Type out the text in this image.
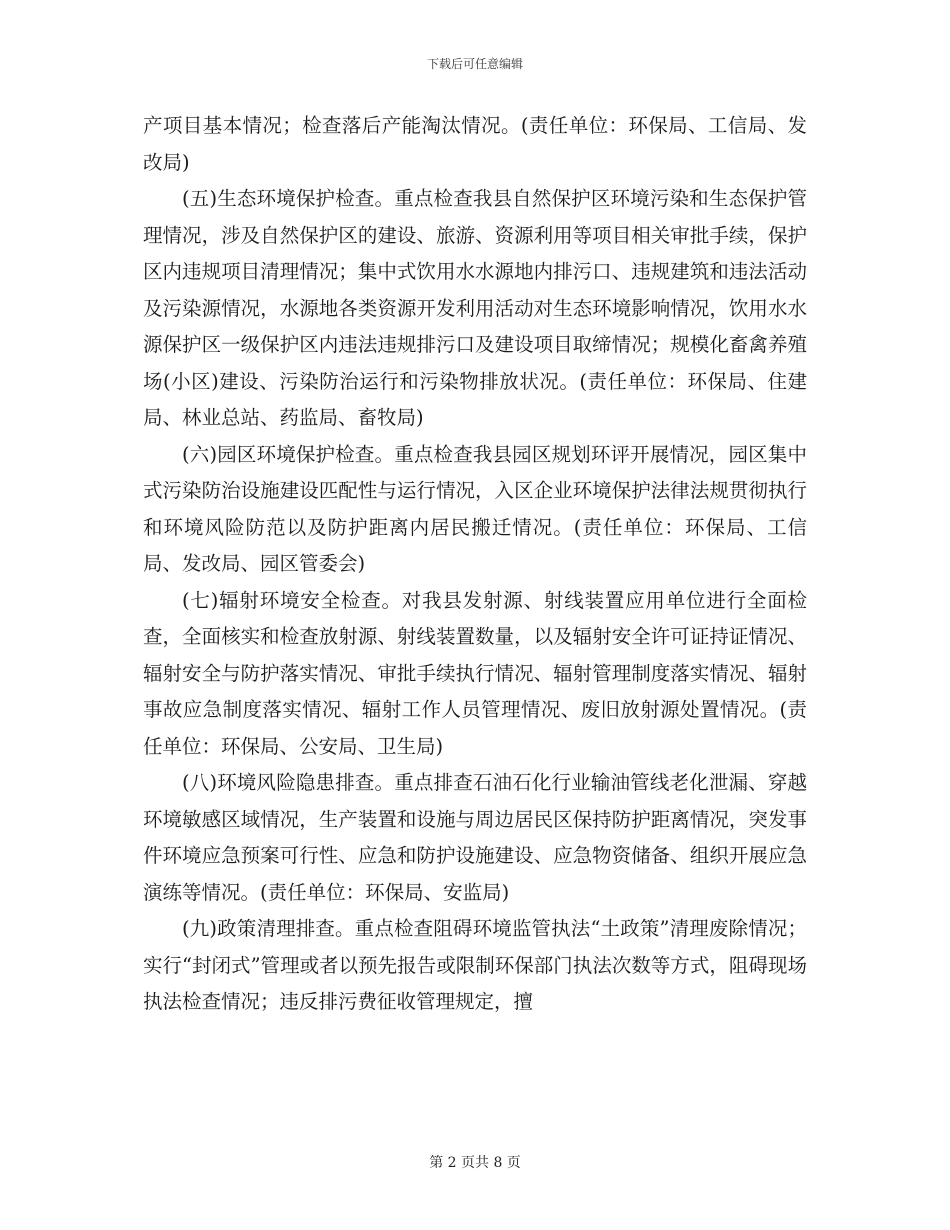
下载后可任意编辑

产项目基本情况；检查落后产能淘汰情况。(责任单位：环保局、工信局、发改局)

(五)生态环境保护检查。重点检查我县自然保护区环境污染和生态保护管理情况，涉及自然保护区的建设、旅游、资源利用等项目相关审批手续，保护区内违规项目清理情况；集中式饮用水水源地内排污口、违规建筑和违法活动及污染源情况，水源地各类资源开发利用活动对生态环境影响情况，饮用水水源保护区一级保护区内违法违规排污口及建设项目取缔情况；规模化畜禽养殖场(小区)建设、污染防治运行和污染物排放状况。(责任单位：环保局、住建局、林业总站、药监局、畜牧局)

(六)园区环境保护检查。重点检查我县园区规划环评开展情况，园区集中式污染防治设施建设匹配性与运行情况，入区企业环境保护法律法规贯彻执行和环境风险防范以及防护距离内居民搬迁情况。(责任单位：环保局、工信局、发改局、园区管委会)

(七)辐射环境安全检查。对我县发射源、射线装置应用单位进行全面检查，全面核实和检查放射源、射线装置数量，以及辐射安全许可证持证情况、辐射安全与防护落实情况、审批手续执行情况、辐射管理制度落实情况、辐射事故应急制度落实情况、辐射工作人员管理情况、废旧放射源处置情况。(责任单位：环保局、公安局、卫生局)

(八)环境风险隐患排查。重点排查石油石化行业输油管线老化泄漏、穿越环境敏感区域情况，生产装置和设施与周边居民区保持防护距离情况，突发事件环境应急预案可行性、应急和防护设施建设、应急物资储备、组织开展应急演练等情况。(责任单位：环保局、安监局)

(九)政策清理排查。重点检查阻碍环境监管执法“土政策”清理废除情况；实行“封闭式”管理或者以预先报告或限制环保部门执法次数等方式，阻碍现场执法检查情况；违反排污费征收管理规定，擅

第 2 页共 8 页
